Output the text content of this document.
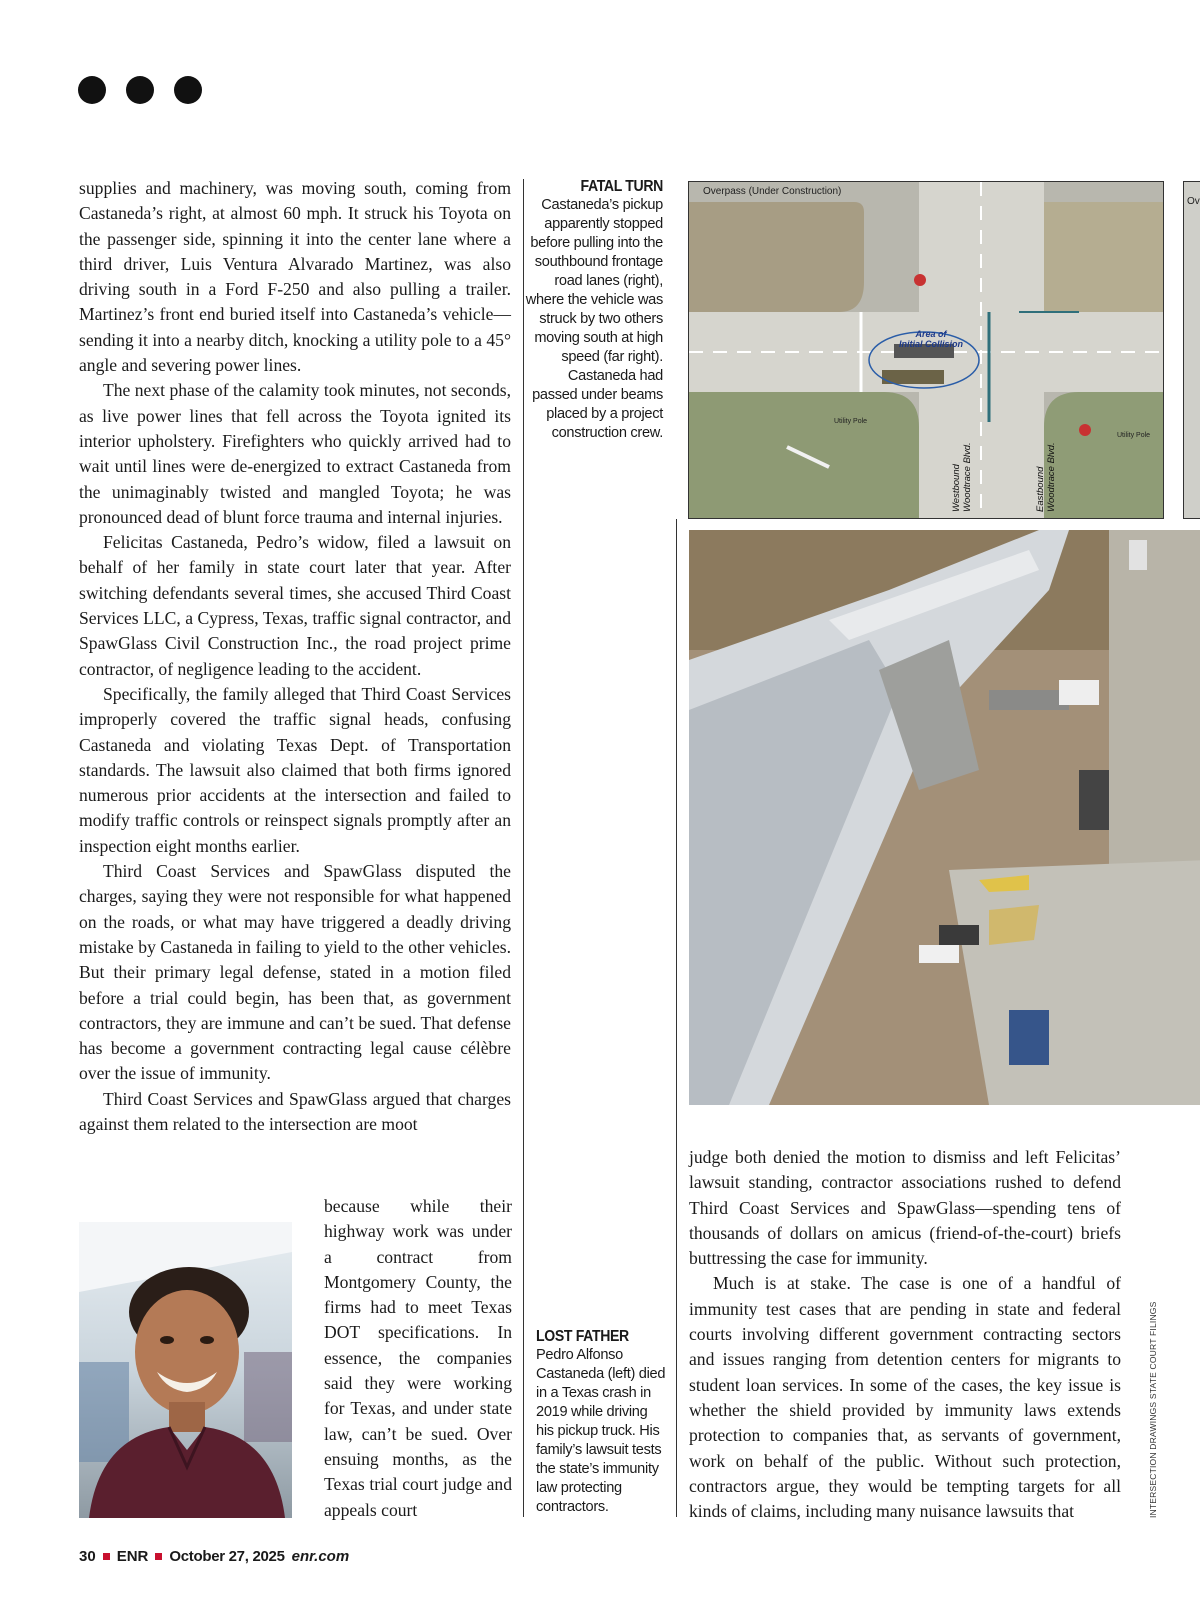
supplies and machinery, was moving south, coming from Castaneda’s right, at almost 60 mph. It struck his Toyota on the passenger side, spinning it into the center lane where a third driver, Luis Ventura Alvarado Martinez, was also driving south in a Ford F-250 and also pulling a trailer. Martinez’s front end buried itself into Castaneda’s vehicle—sending it into a nearby ditch, knocking a utility pole to a 45° angle and severing power lines.

The next phase of the calamity took minutes, not seconds, as live power lines that fell across the Toyota ignited its interior upholstery. Firefighters who quickly arrived had to wait until lines were de-energized to extract Castaneda from the unimaginably twisted and mangled Toyota; he was pronounced dead of blunt force trauma and internal injuries.

Felicitas Castaneda, Pedro’s widow, filed a lawsuit on behalf of her family in state court later that year. After switching defendants several times, she accused Third Coast Services LLC, a Cypress, Texas, traffic signal contractor, and SpawGlass Civil Construction Inc., the road project prime contractor, of negligence leading to the accident.

Specifically, the family alleged that Third Coast Services improperly covered the traffic signal heads, confusing Castaneda and violating Texas Dept. of Transportation standards. The lawsuit also claimed that both firms ignored numerous prior accidents at the intersection and failed to modify traffic controls or reinspect signals promptly after an inspection eight months earlier.

Third Coast Services and SpawGlass disputed the charges, saying they were not responsible for what happened on the roads, or what may have triggered a deadly driving mistake by Castaneda in failing to yield to the other vehicles. But their primary legal defense, stated in a motion filed before a trial could begin, has been that, as government contractors, they are immune and can’t be sued. That defense has become a government contracting legal cause célèbre over the issue of immunity.

Third Coast Services and SpawGlass argued that charges against them related to the intersection are moot

because while their highway work was under a contract from Montgomery County, the firms had to meet Texas DOT specifications. In essence, the companies said they were working for Texas, and under state law, can’t be sued. Over ensuing months, as the Texas trial court judge and appeals court

FATAL TURN
Castaneda’s pickup apparently stopped before pulling into the southbound frontage road lanes (right), where the vehicle was struck by two others moving south at high speed (far right). Castaneda had passed under beams placed by a project construction crew.
LOST FATHER
Pedro Alfonso Castaneda (left) died in a Texas crash in 2019 while driving his pickup truck. His family’s lawsuit tests the state’s immunity law protecting contractors.
Overpass (Under Construction)
Area of
Initial Collision
Utility Pole
Utility Pole
Westbound Woodtrace Blvd.	Eastbound Woodtrace Blvd.
Ov

judge both denied the motion to dismiss and left Felicitas’ lawsuit standing, contractor associations rushed to defend Third Coast Services and SpawGlass—spending tens of thousands of dollars on amicus (friend-of-the-court) briefs buttressing the case for immunity.

Much is at stake. The case is one of a handful of immunity test cases that are pending in state and federal courts involving different government contracting sectors and issues ranging from detention centers for migrants to student loan services. In some of the cases, the key issue is whether the shield provided by immunity laws extends protection to companies that, as servants of government, work on behalf of the public. Without such protection, contractors argue, they would be tempting targets for all kinds of claims, including many nuisance lawsuits that	INTERSECTION DRAWINGS STATE COURT FILINGS
30 ENR October 27, 2025 enr.com
